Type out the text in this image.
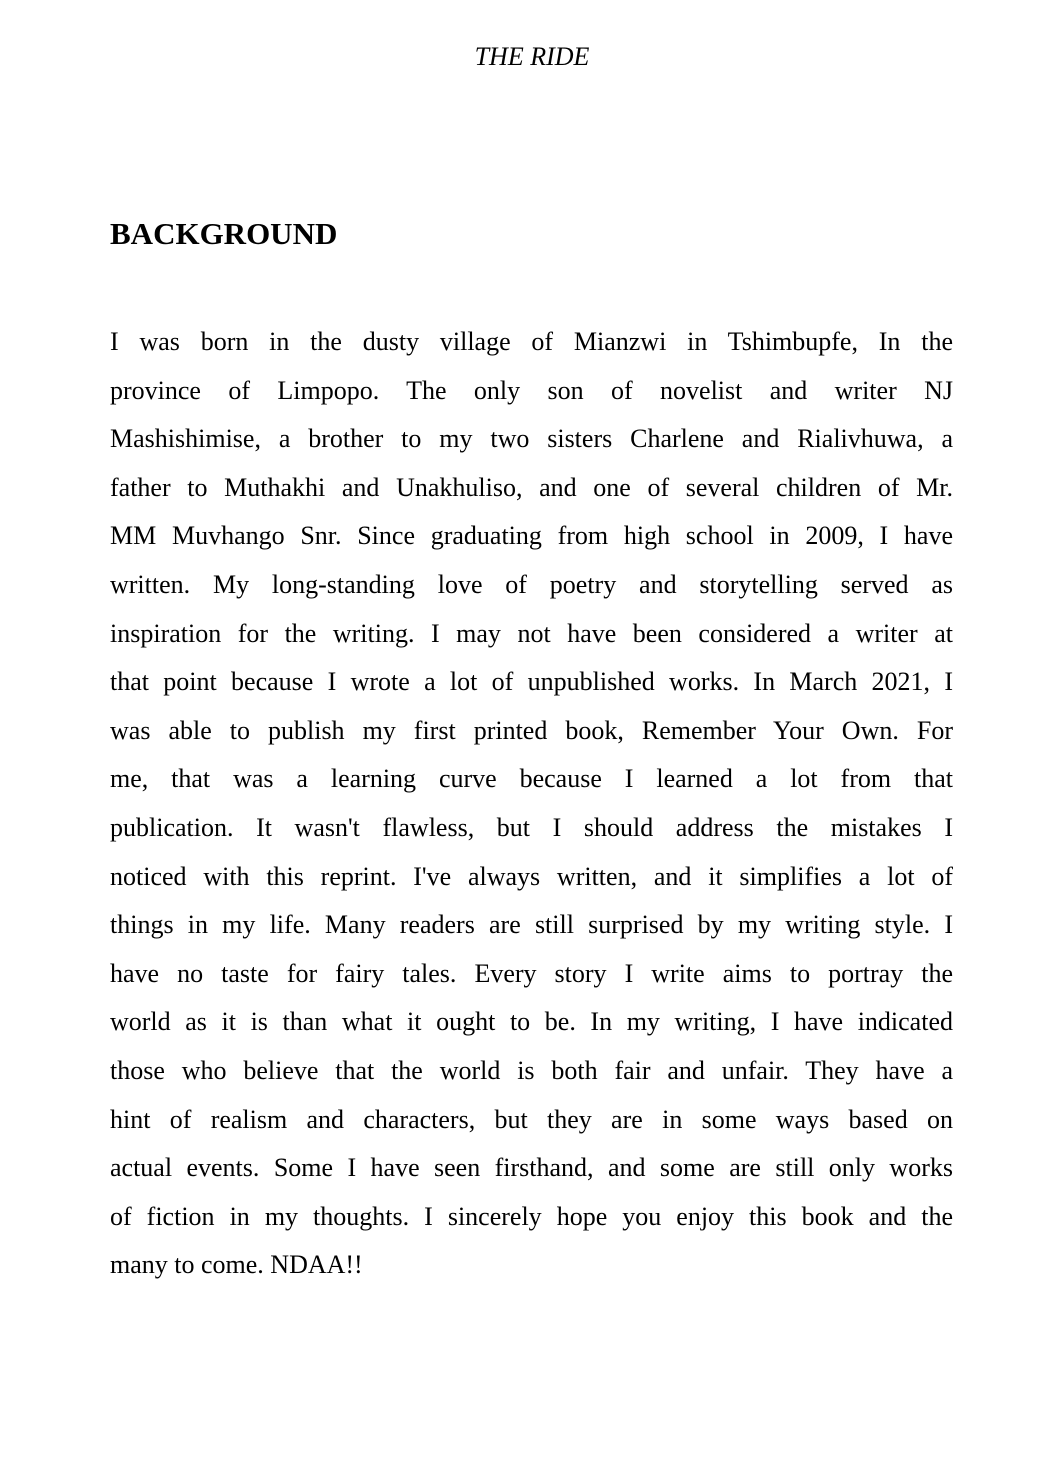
THE RIDE
BACKGROUND
I was born in the dusty village of Mianzwi in Tshimbupfe, In the
province of Limpopo. The only son of novelist and writer NJ
Mashishimise, a brother to my two sisters Charlene and Rialivhuwa, a
father to Muthakhi and Unakhuliso, and one of several children of Mr.
MM Muvhango Snr. Since graduating from high school in 2009, I have
written. My long-standing love of poetry and storytelling served as
inspiration for the writing. I may not have been considered a writer at
that point because I wrote a lot of unpublished works. In March 2021, I
was able to publish my first printed book, Remember Your Own. For
me, that was a learning curve because I learned a lot from that
publication. It wasn't flawless, but I should address the mistakes I
noticed with this reprint. I've always written, and it simplifies a lot of
things in my life. Many readers are still surprised by my writing style. I
have no taste for fairy tales. Every story I write aims to portray the
world as it is than what it ought to be. In my writing, I have indicated
those who believe that the world is both fair and unfair. They have a
hint of realism and characters, but they are in some ways based on
actual events. Some I have seen firsthand, and some are still only works
of fiction in my thoughts. I sincerely hope you enjoy this book and the
many to come. NDAA!!
